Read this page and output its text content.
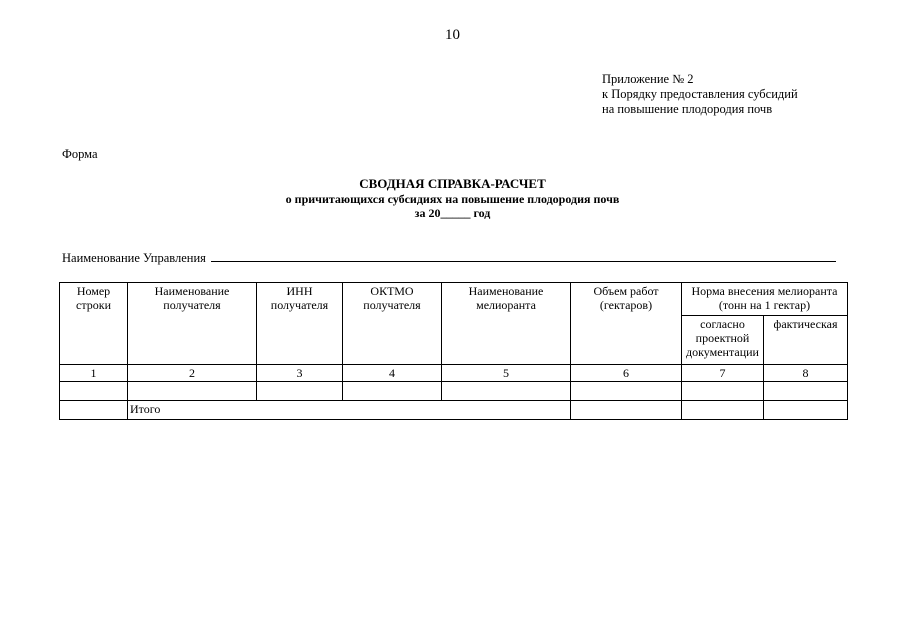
10
Приложение № 2
к Порядку предоставления субсидий
на повышение плодородия почв
Форма
СВОДНАЯ СПРАВКА-РАСЧЕТ
о причитающихся субсидиях на повышение плодородия почв
за 20_____ год
Наименование Управления
Номер строки	Наименование получателя	ИНН получателя	ОКТМО получателя	Наименование мелиоранта	Объем работ (гектаров)	Норма внесения мелиоранта (тонн на 1 гектар)	
						согласно проектной документации	фактическая
1	2	3	4	5	6	7	8

	Итого						
